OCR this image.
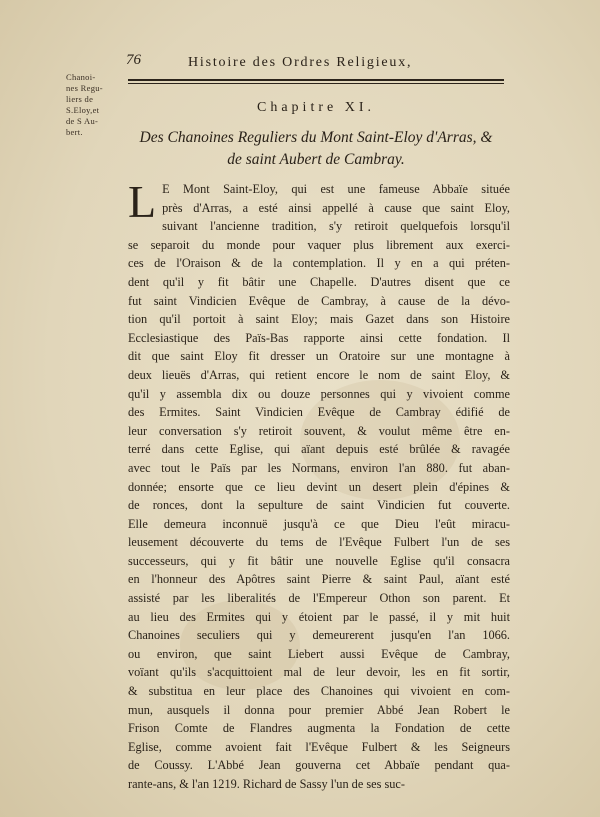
Chanoi-
nes Regu-
liers de
S.Eloy,et
de S Au-
bert.
76	Histoire des Ordres Religieux,
Chapitre XI.
Des Chanoines Reguliers du Mont Saint-Eloy d'Arras, &
de saint Aubert de Cambray.
L E Mont Saint-Eloy, qui est une fameuse Abbaïe située
près d'Arras, a esté ainsi appellé à cause que saint Eloy,
suivant l'ancienne tradition, s'y retiroit quelquefois lorsqu'il
se separoit du monde pour vaquer plus librement aux exerci-
ces de l'Oraison & de la contemplation. Il y en a qui préten-
dent qu'il y fit bâtir une Chapelle. D'autres disent que ce
fut saint Vindicien Evêque de Cambray, à cause de la dévo-
tion qu'il portoit à saint Eloy; mais Gazet dans son Histoire
Ecclesiastique des Païs-Bas rapporte ainsi cette fondation. Il
dit que saint Eloy fit dresser un Oratoire sur une montagne à
deux lieuës d'Arras, qui retient encore le nom de saint Eloy, &
qu'il y assembla dix ou douze personnes qui y vivoient comme
des Ermites. Saint Vindicien Evêque de Cambray édifié de
leur conversation s'y retiroit souvent, & voulut même être en-
terré dans cette Eglise, qui aïant depuis esté brûlée & ravagée
avec tout le Païs par les Normans, environ l'an 880. fut aban-
donnée; ensorte que ce lieu devint un desert plein d'épines &
de ronces, dont la sepulture de saint Vindicien fut couverte.
Elle demeura inconnuë jusqu'à ce que Dieu l'eût miracu-
leusement découverte du tems de l'Evêque Fulbert l'un de ses
successeurs, qui y fit bâtir une nouvelle Eglise qu'il consacra
en l'honneur des Apôtres saint Pierre & saint Paul, aïant esté
assisté par les liberalités de l'Empereur Othon son parent. Et
au lieu des Ermites qui y étoient par le passé, il y mit huit
Chanoines seculiers qui y demeurerent jusqu'en l'an 1066.
ou environ, que saint Liebert aussi Evêque de Cambray,
voïant qu'ils s'acquittoient mal de leur devoir, les en fit sortir,
& substitua en leur place des Chanoines qui vivoient en com-
mun, ausquels il donna pour premier Abbé Jean Robert le
Frison Comte de Flandres augmenta la Fondation de cette
Eglise, comme avoient fait l'Evêque Fulbert & les Seigneurs
de Coussy. L'Abbé Jean gouverna cet Abbaïe pendant qua-
rante-ans, & l'an 1219. Richard de Sassy l'un de ses suc-
